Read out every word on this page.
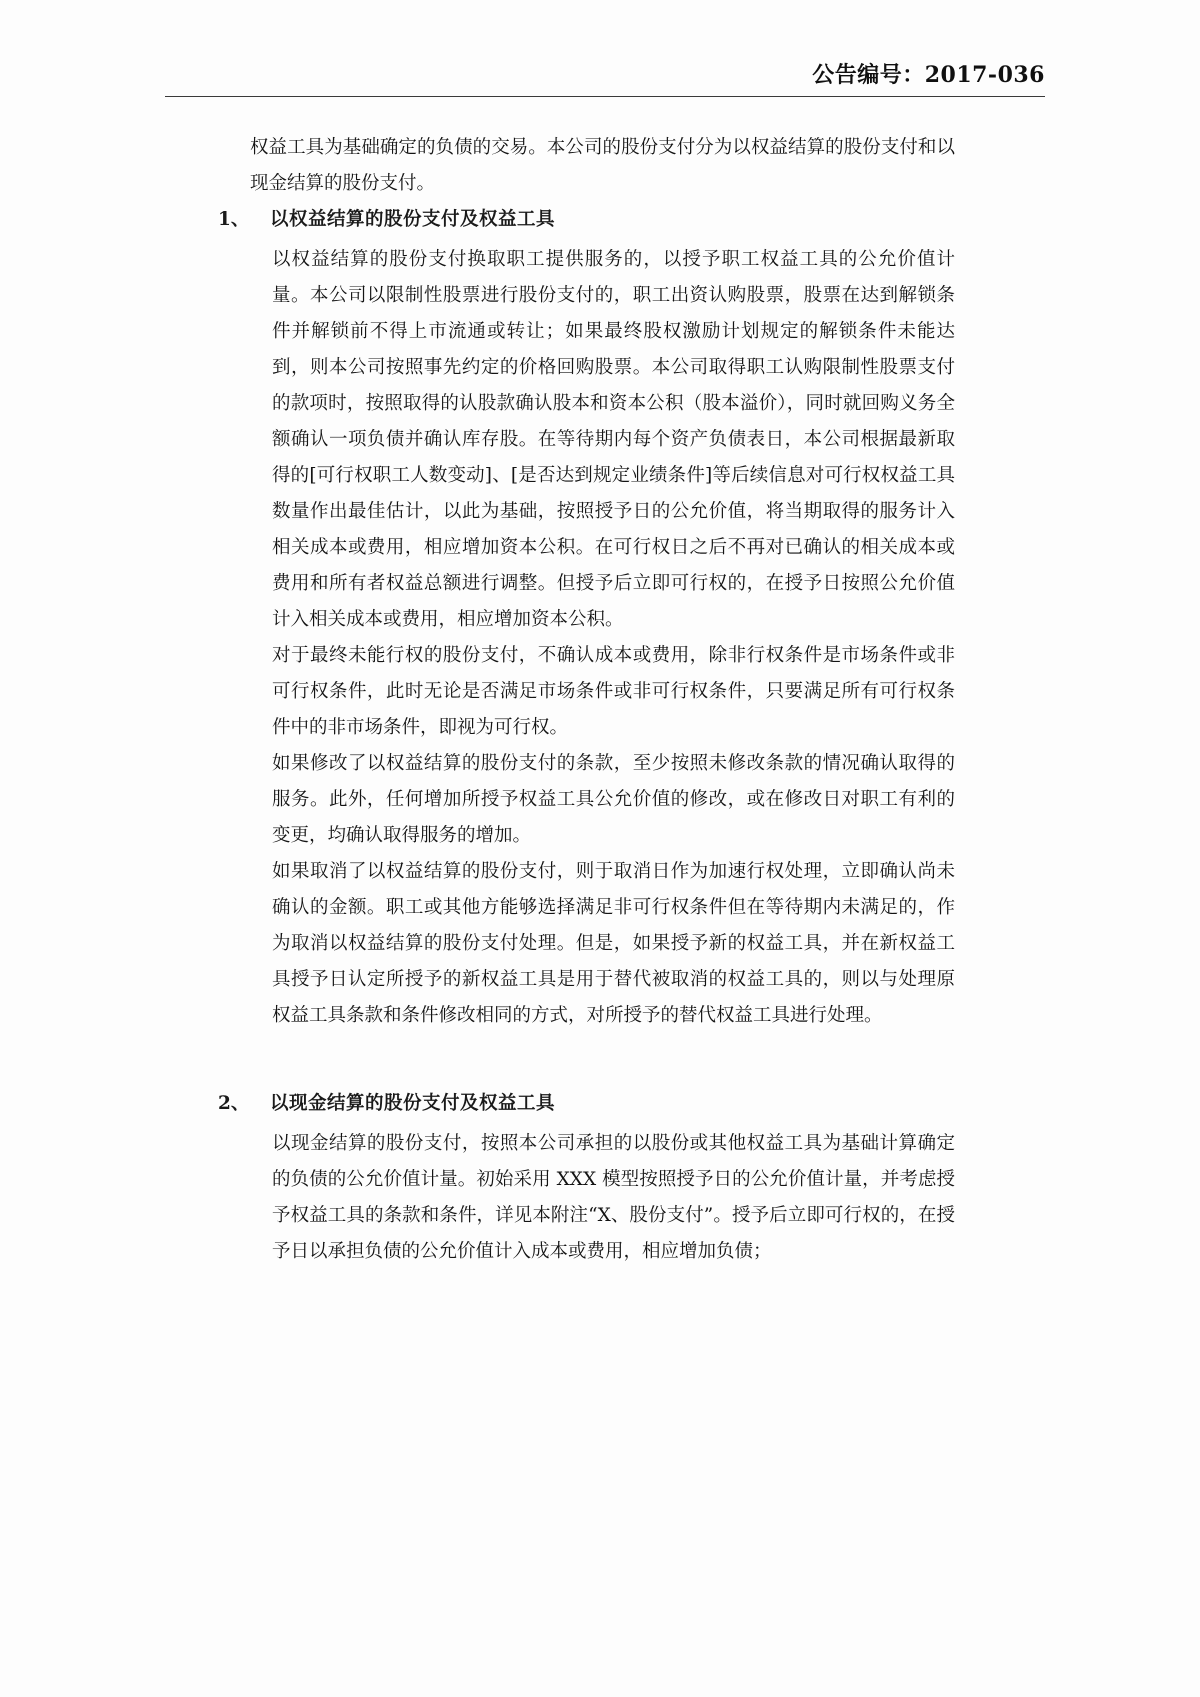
公告编号：2017-036

权益工具为基础确定的负债的交易。本公司的股份支付分为以权益结算的股份支付和以现金结算的股份支付。

1、	以权益结算的股份支付及权益工具

以权益结算的股份支付换取职工提供服务的，以授予职工权益工具的公允价值计量。本公司以限制性股票进行股份支付的，职工出资认购股票，股票在达到解锁条件并解锁前不得上市流通或转让；如果最终股权激励计划规定的解锁条件未能达到，则本公司按照事先约定的价格回购股票。本公司取得职工认购限制性股票支付的款项时，按照取得的认股款确认股本和资本公积（股本溢价），同时就回购义务全额确认一项负债并确认库存股。在等待期内每个资产负债表日，本公司根据最新取得的[可行权职工人数变动]、[是否达到规定业绩条件]等后续信息对可行权权益工具数量作出最佳估计，以此为基础，按照授予日的公允价值，将当期取得的服务计入相关成本或费用，相应增加资本公积。在可行权日之后不再对已确认的相关成本或费用和所有者权益总额进行调整。但授予后立即可行权的，在授予日按照公允价值计入相关成本或费用，相应增加资本公积。

对于最终未能行权的股份支付，不确认成本或费用，除非行权条件是市场条件或非可行权条件，此时无论是否满足市场条件或非可行权条件，只要满足所有可行权条件中的非市场条件，即视为可行权。

如果修改了以权益结算的股份支付的条款，至少按照未修改条款的情况确认取得的服务。此外，任何增加所授予权益工具公允价值的修改，或在修改日对职工有利的变更，均确认取得服务的增加。

如果取消了以权益结算的股份支付，则于取消日作为加速行权处理，立即确认尚未确认的金额。职工或其他方能够选择满足非可行权条件但在等待期内未满足的，作为取消以权益结算的股份支付处理。但是，如果授予新的权益工具，并在新权益工具授予日认定所授予的新权益工具是用于替代被取消的权益工具的，则以与处理原权益工具条款和条件修改相同的方式，对所授予的替代权益工具进行处理。

2、	以现金结算的股份支付及权益工具

以现金结算的股份支付，按照本公司承担的以股份或其他权益工具为基础计算确定的负债的公允价值计量。初始采用 XXX 模型按照授予日的公允价值计量，并考虑授予权益工具的条款和条件，详见本附注“X、股份支付”。授予后立即可行权的，在授予日以承担负债的公允价值计入成本或费用，相应增加负债；
